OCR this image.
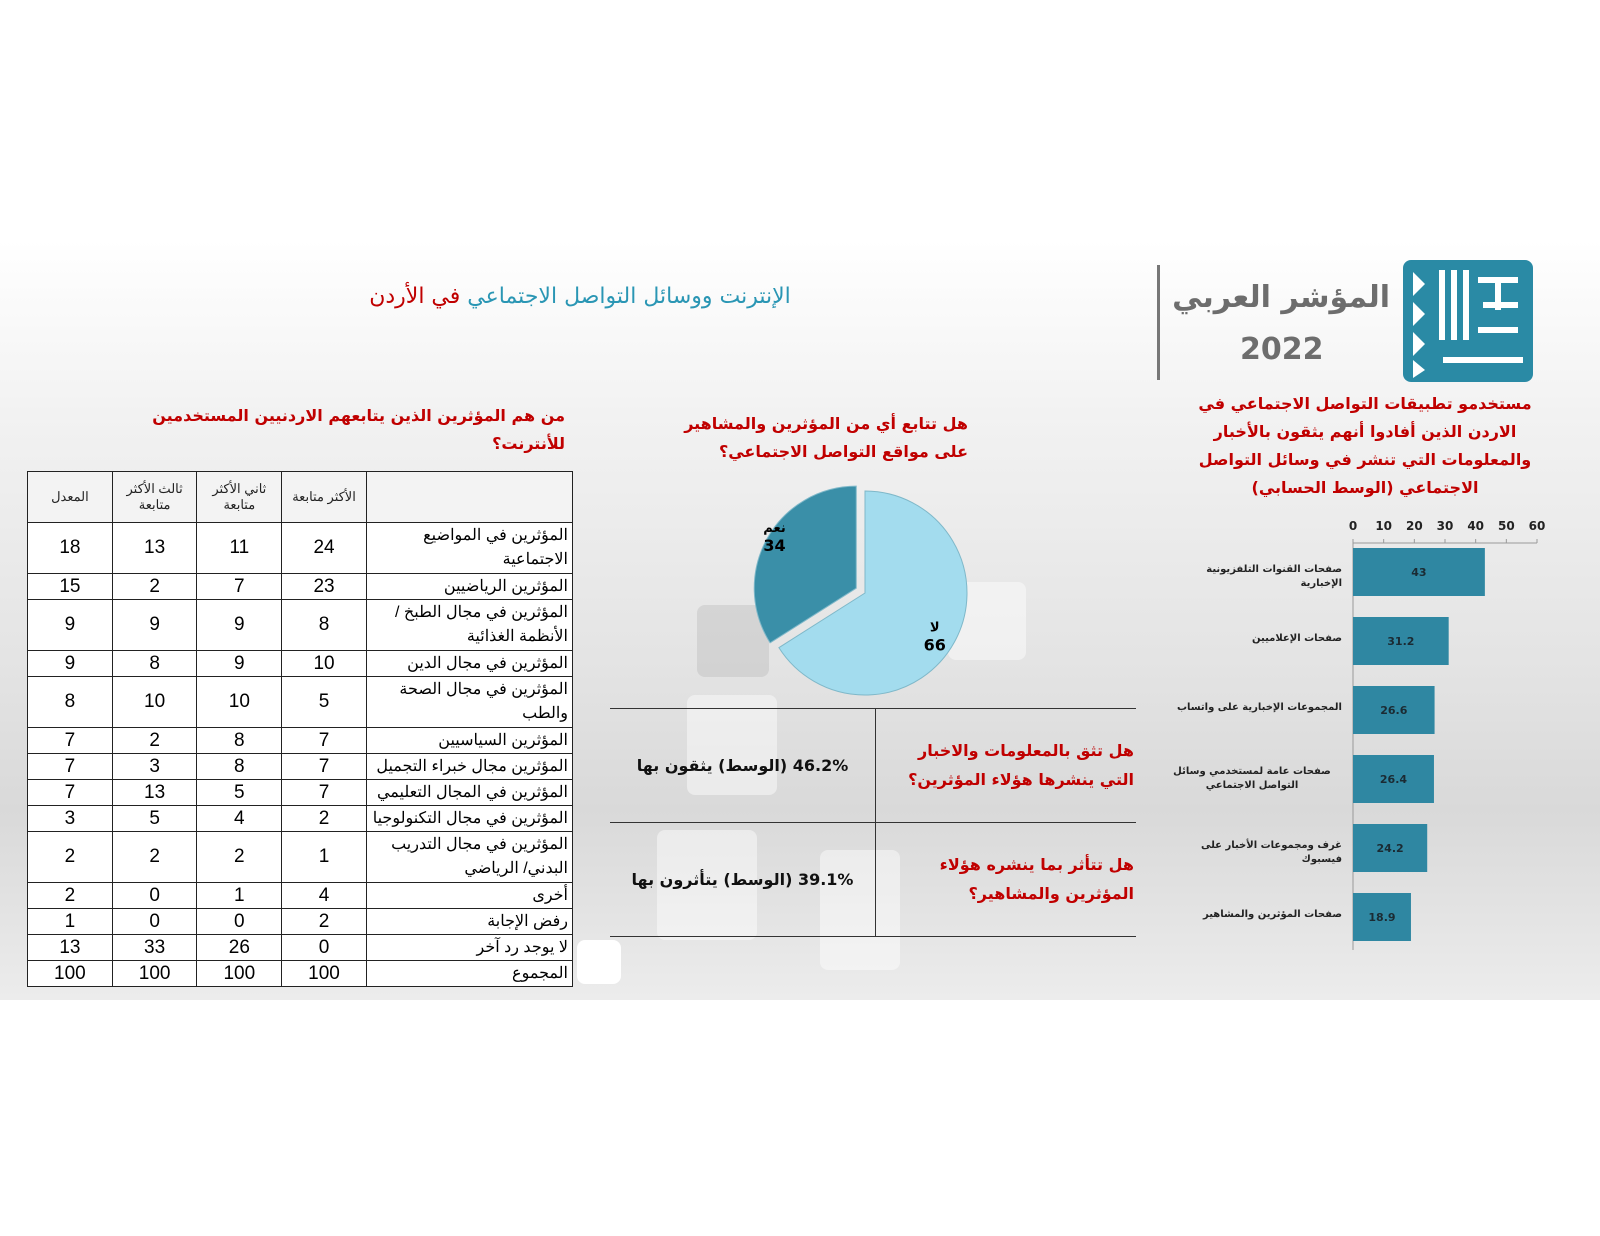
المؤشر العربي
2022
الإنترنت ووسائل التواصل الاجتماعي في الأردن
من هم المؤثرين الذين يتابعهم الاردنيين المستخدمين
للأنترنت؟
	الأكثر متابعة	ثاني الأكثر متابعة	ثالث الأكثر متابعة	المعدل
المؤثرين في المواضيع الاجتماعية	24	11	13	18
المؤثرين الرياضيين	23	7	2	15
المؤثرين في مجال الطبخ / الأنظمة الغذائية	8	9	9	9
المؤثرين في مجال الدين	10	9	8	9
المؤثرين في مجال الصحة والطب	5	10	10	8
المؤثرين السياسيين	7	8	2	7
المؤثرين مجال خبراء التجميل	7	8	3	7
المؤثرين في المجال التعليمي	7	5	13	7
المؤثرين في مجال التكنولوجيا	2	4	5	3
المؤثرين في مجال التدريب البدني/ الرياضي	1	2	2	2
أخرى	4	1	0	2
رفض الإجابة	2	0	0	1
لا يوجد رد آخر	0	26	33	13
المجموع	100	100	100	100
هل تتابع أي من المؤثرين والمشاهير
على مواقع التواصل الاجتماعي؟
نعم
34
لا
66
هل تثق بالمعلومات والاخبار التي ينشرها هؤلاء المؤثرين؟
46.2% (الوسط) يثقون بها
هل تتأثر بما ينشره هؤلاء المؤثرين والمشاهير؟
39.1% (الوسط) يتأثرون بها
مستخدمو تطبيقات التواصل الاجتماعي في
الاردن الذين أفادوا أنهم يثقون بالأخبار
والمعلومات التي تنشر في وسائل التواصل
الاجتماعي (الوسط الحسابي)
0 10 20 30 40 50 60
43
31.2
26.6
26.4
24.2
18.9
صفحات القنوات التلفزيونية الإخبارية
صفحات الإعلاميين
المجموعات الإخبارية على واتساب
صفحات عامة لمستخدمي وسائل التواصل الاجتماعي
غرف ومجموعات الأخبار على فيسبوك
صفحات المؤثرين والمشاهير
